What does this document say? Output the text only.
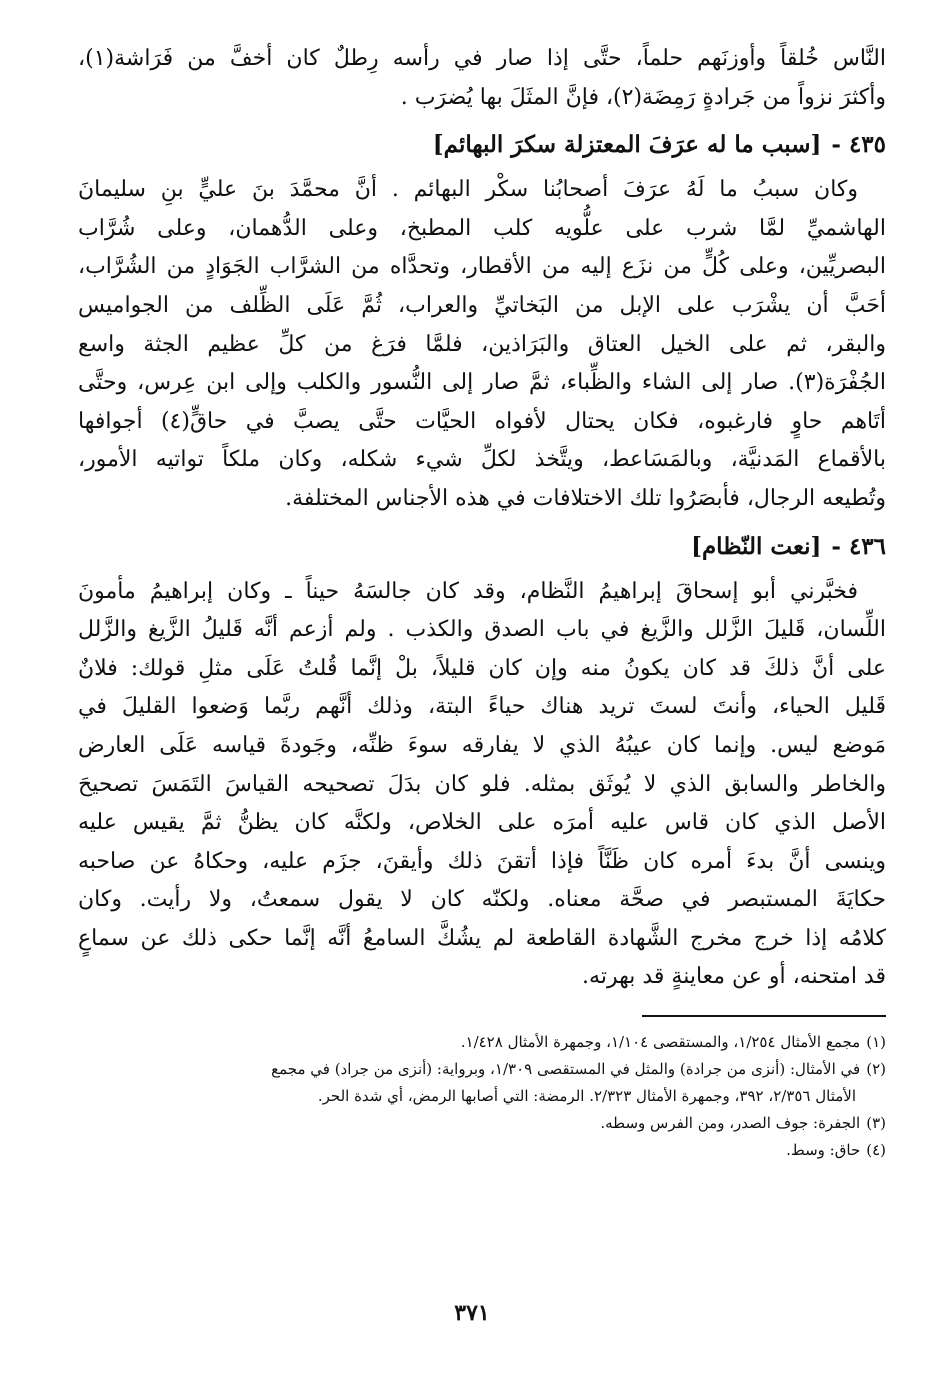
النَّاس خُلقاً وأوزنَهم حلماً، حتَّى إذا صار في رأسه رِطلٌ كان أخفَّ من فَرَاشة(١)،
وأكثرَ نزواً من جَرادةٍ رَمِضَة(٢)، فإنَّ المثَلَ بها يُضرَب .
٤٣٥ -[سبب ما له عرَفَ المعتزلة سكرَ البهائم]
وكان سببُ ما لَهُ عرَفَ أصحابُنا سكْر البهائم . أنَّ محمَّدَ بنَ عليٍّ بنِ سليمانَ
الهاشميِّ لمَّا شرب على علُّويه كلب المطبخ، وعلى الدُّهمان، وعلى شُرَّاب
البصريِّين، وعلى كُلٍّ من نزَع إليه من الأقطار، وتحدَّاه من الشرَّاب الجَوَادٍ من الشُرَّاب،
أحَبَّ أن يشْرَب على الإبل من البَخاتيِّ والعراب، ثُمَّ عَلَى الظِّلف من الجواميس
والبقر، ثم على الخيل العتاق والبَرَاذين، فلمَّا فرَغ من كلِّ عظيم الجثة واسع
الجُفْرَة(٣). صار إلى الشاء والظِّباء، ثمَّ صار إلى النُّسور والكلب وإلى ابن عِرس، وحتَّى
أتَاهم حاوٍ فارغبوه، فكان يحتال لأفواه الحيَّات حتَّى يصبَّ في حاقٍّ(٤) أجوافها
بالأقماع المَدنيَّة، وبالمَسَاعط، ويتَّخذ لكلِّ شيء شكله، وكان ملكاً تواتيه الأمور،
وتُطيعه الرجال، فأبصَرُوا تلك الاختلافات في هذه الأجناس المختلفة.
٤٣٦ -[نعت النّظام]
فخبَّرني أبو إسحاقَ إبراهيمُ النَّظام، وقد كان جالسَهُ حيناً ـ وكان إبراهيمُ مأمونَ
اللِّسان، قَليلَ الزَّلل والزَّيغ في باب الصدق والكذب . ولم أزعم أنَّه قَليلُ الزَّيغ والزَّلل
على أنَّ ذلكَ قد كان يكونُ منه وإن كان قليلاً، بلْ إنَّما قُلتُ عَلَى مثلِ قولك: فلانٌ
قَليل الحياء، وأنتَ لستَ تريد هناك حياءً البتة، وذلك أنَّهم ربَّما وَضعوا القليلَ في
مَوضع ليس. وإنما كان عيبُهُ الذي لا يفارقه سوءَ ظنِّه، وجَودةَ قياسه عَلَى العارض
والخاطر والسابق الذي لا يُوثَق بمثله. فلو كان بدَلَ تصحيحه القياسَ التَمَسَ تصحيحَ
الأصل الذي كان قاس عليه أمرَه على الخلاص، ولكنَّه كان يظنُّ ثمَّ يقيس عليه
وينسى أنَّ بدءَ أمره كان ظَنَّاً فإذا أتقنَ ذلك وأيقنَ، جزَم عليه، وحكاهُ عن صاحبه
حكايَةَ المستبصر في صحَّة معناه. ولكنّه كان لا يقول سمعتُ، ولا رأيت. وكان
كلامُه إذا خرج مخرج الشَّهادة القاطعة لم يشُكَّ السامعُ أنَّه إنَّما حكى ذلك عن سماعٍ
قد امتحنه، أو عن معاينةٍ قد بهرته.
(١)مجمع الأمثال ١/٢٥٤، والمستقصى ١/١٠٤، وجمهرة الأمثال ١/٤٢٨.
(٢)في الأمثال: (أنزى من جرادة) والمثل في المستقصى ١/٣٠٩، وبرواية: (أنزى من جراد) في مجمع
الأمثال ٢/٣٥٦، ٣٩٢، وجمهرة الأمثال ٢/٣٢٣. الرمضة: التي أصابها الرمض، أي شدة الحر.
(٣)الجفرة: جوف الصدر، ومن الفرس وسطه.
(٤)حاق: وسط.
٣٧١
